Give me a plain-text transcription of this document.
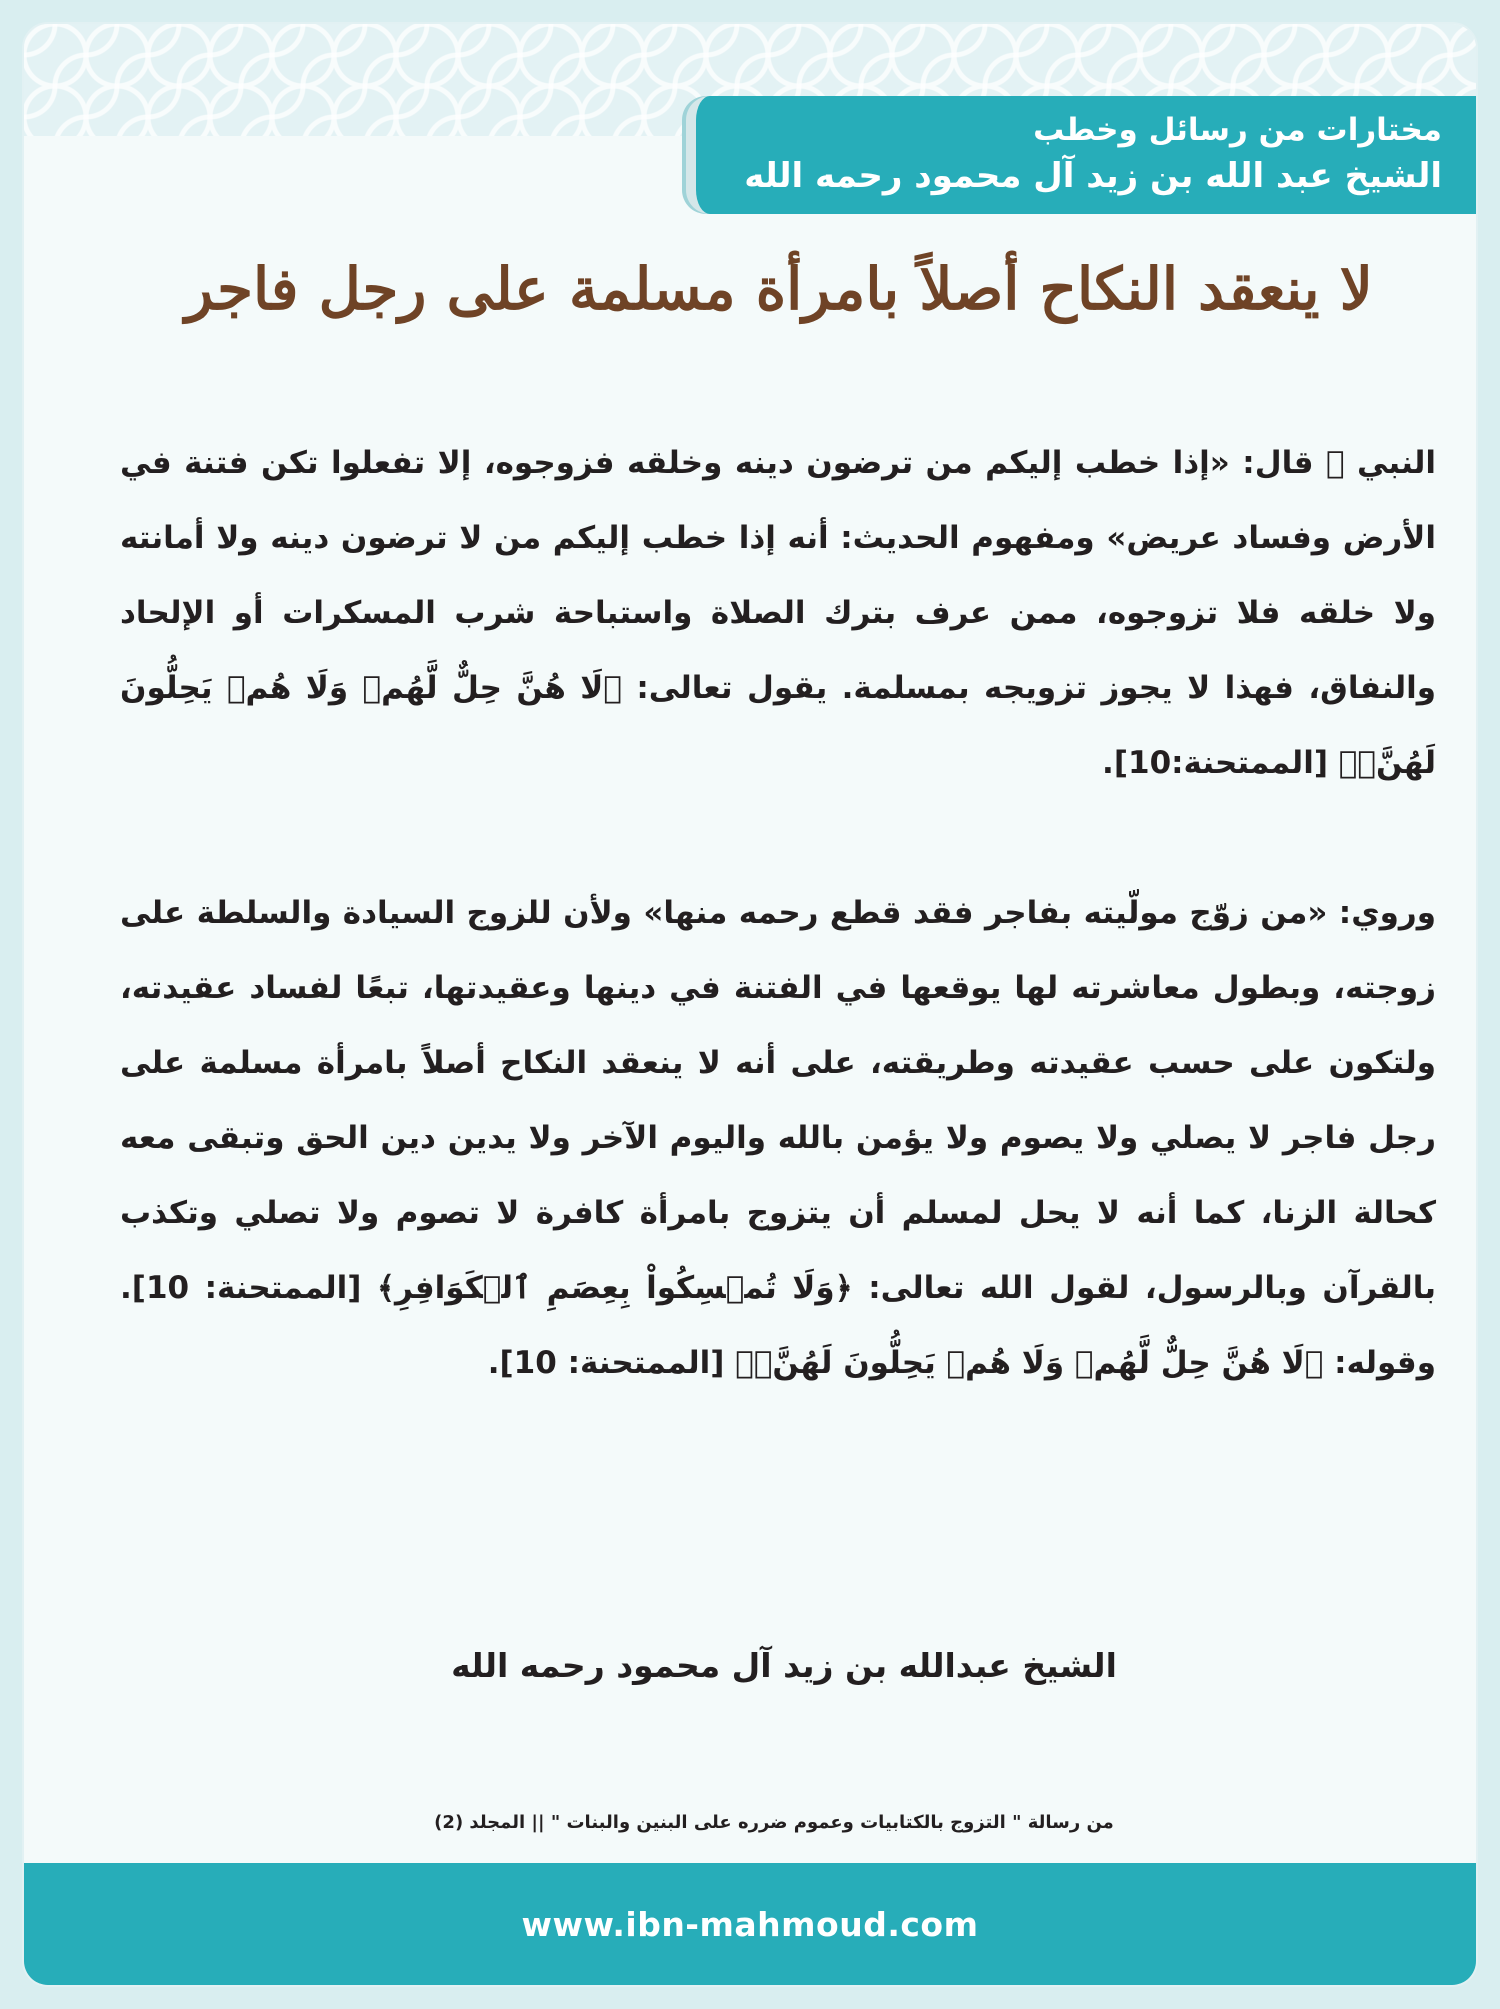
مختارات من رسائل وخطب
الشيخ عبد الله بن زيد آل محمود رحمه الله
لا ينعقد النكاح أصلاً بامرأة مسلمة على رجل فاجر
النبي ﷺ قال: «إذا خطب إليكم من ترضون دينه وخلقه فزوجوه، إلا تفعلوا تكن فتنة في الأرض وفساد عريض» ومفهوم الحديث: أنه إذا خطب إليكم من لا ترضون دينه ولا أمانته ولا خلقه فلا تزوجوه، ممن عرف بترك الصلاة واستباحة شرب المسكرات أو الإلحاد والنفاق، فهذا لا يجوز تزويجه بمسلمة. يقول تعالى: ﴿لَا هُنَّ حِلٌّ لَّهُمۡ وَلَا هُمۡ يَحِلُّونَ لَهُنَّۖ﴾ [الممتحنة:10].
وروي: «من زوّج مولّيته بفاجر فقد قطع رحمه منها» ولأن للزوج السيادة والسلطة على زوجته، وبطول معاشرته لها يوقعها في الفتنة في دينها وعقيدتها، تبعًا لفساد عقيدته، ولتكون على حسب عقيدته وطريقته، على أنه لا ينعقد النكاح أصلاً بامرأة مسلمة على رجل فاجر لا يصلي ولا يصوم ولا يؤمن بالله واليوم الآخر ولا يدين دين الحق وتبقى معه كحالة الزنا، كما أنه لا يحل لمسلم أن يتزوج بامرأة كافرة لا تصوم ولا تصلي وتكذب بالقرآن وبالرسول، لقول الله تعالى: ﴿وَلَا تُمۡسِكُواْ بِعِصَمِ ٱلۡكَوَافِرِ﴾ [الممتحنة: 10]. وقوله: ﴿لَا هُنَّ حِلٌّ لَّهُمۡ وَلَا هُمۡ يَحِلُّونَ لَهُنَّۖ﴾ [الممتحنة: 10].
الشيخ عبدالله بن زيد آل محمود رحمه الله
من رسالة " التزوج بالكتابيات وعموم ضرره على البنين والبنات " || المجلد (2)
www.ibn-mahmoud.com
